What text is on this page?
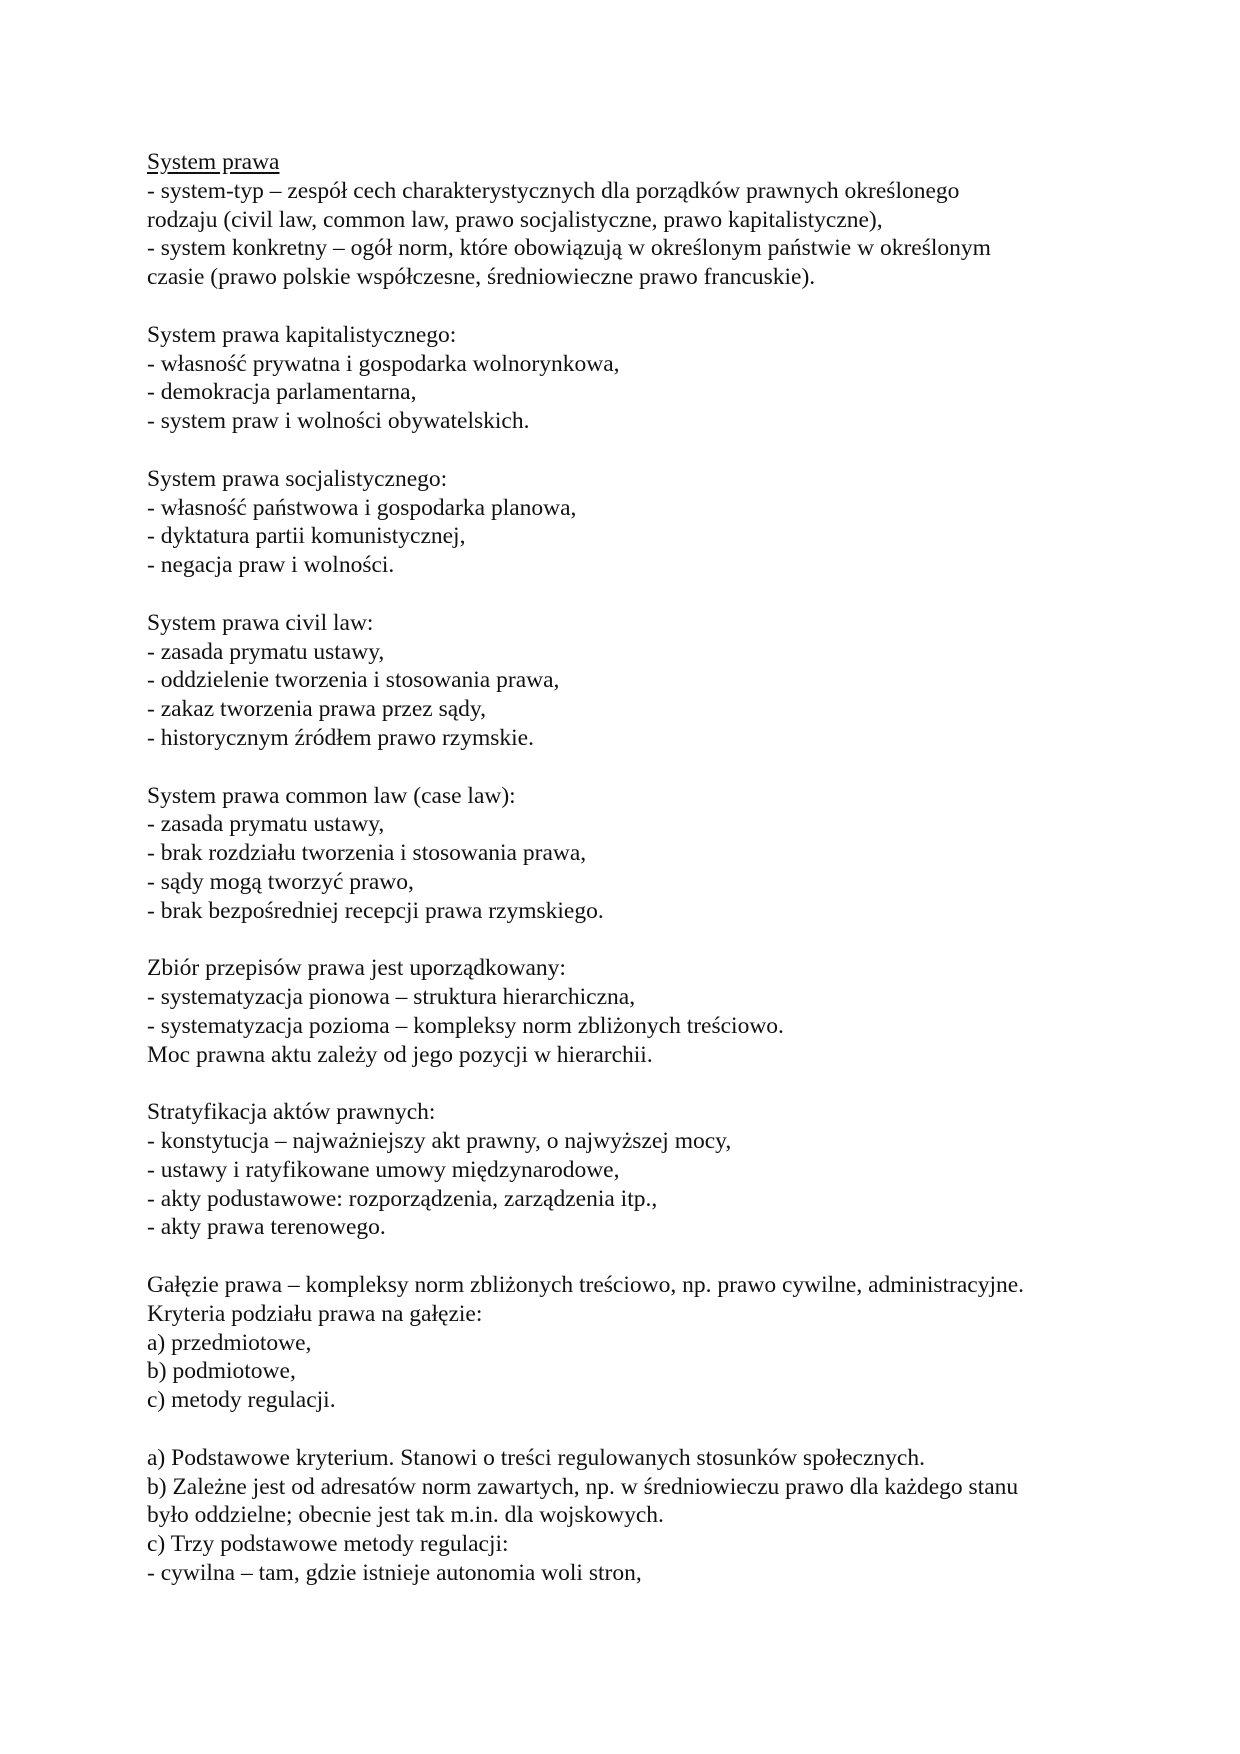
System prawa
- system-typ – zespół cech charakterystycznych dla porządków prawnych określonego
rodzaju (civil law, common law, prawo socjalistyczne, prawo kapitalistyczne),
- system konkretny – ogół norm, które obowiązują w określonym państwie w określonym
czasie (prawo polskie współczesne, średniowieczne prawo francuskie).
System prawa kapitalistycznego:
- własność prywatna i gospodarka wolnorynkowa,
- demokracja parlamentarna,
- system praw i wolności obywatelskich.
System prawa socjalistycznego:
- własność państwowa i gospodarka planowa,
- dyktatura partii komunistycznej,
- negacja praw i wolności.
System prawa civil law:
- zasada prymatu ustawy,
- oddzielenie tworzenia i stosowania prawa,
- zakaz tworzenia prawa przez sądy,
- historycznym źródłem prawo rzymskie.
System prawa common law (case law):
- zasada prymatu ustawy,
- brak rozdziału tworzenia i stosowania prawa,
- sądy mogą tworzyć prawo,
- brak bezpośredniej recepcji prawa rzymskiego.
Zbiór przepisów prawa jest uporządkowany:
- systematyzacja pionowa – struktura hierarchiczna,
- systematyzacja pozioma – kompleksy norm zbliżonych treściowo.
Moc prawna aktu zależy od jego pozycji w hierarchii.
Stratyfikacja aktów prawnych:
- konstytucja – najważniejszy akt prawny, o najwyższej mocy,
- ustawy i ratyfikowane umowy międzynarodowe,
- akty podustawowe: rozporządzenia, zarządzenia itp.,
- akty prawa terenowego.
Gałęzie prawa – kompleksy norm zbliżonych treściowo, np. prawo cywilne, administracyjne.
Kryteria podziału prawa na gałęzie:
a) przedmiotowe,
b) podmiotowe,
c) metody regulacji.
a) Podstawowe kryterium. Stanowi o treści regulowanych stosunków społecznych.
b) Zależne jest od adresatów norm zawartych, np. w średniowieczu prawo dla każdego stanu
było oddzielne; obecnie jest tak m.in. dla wojskowych.
c) Trzy podstawowe metody regulacji:
- cywilna – tam, gdzie istnieje autonomia woli stron,
